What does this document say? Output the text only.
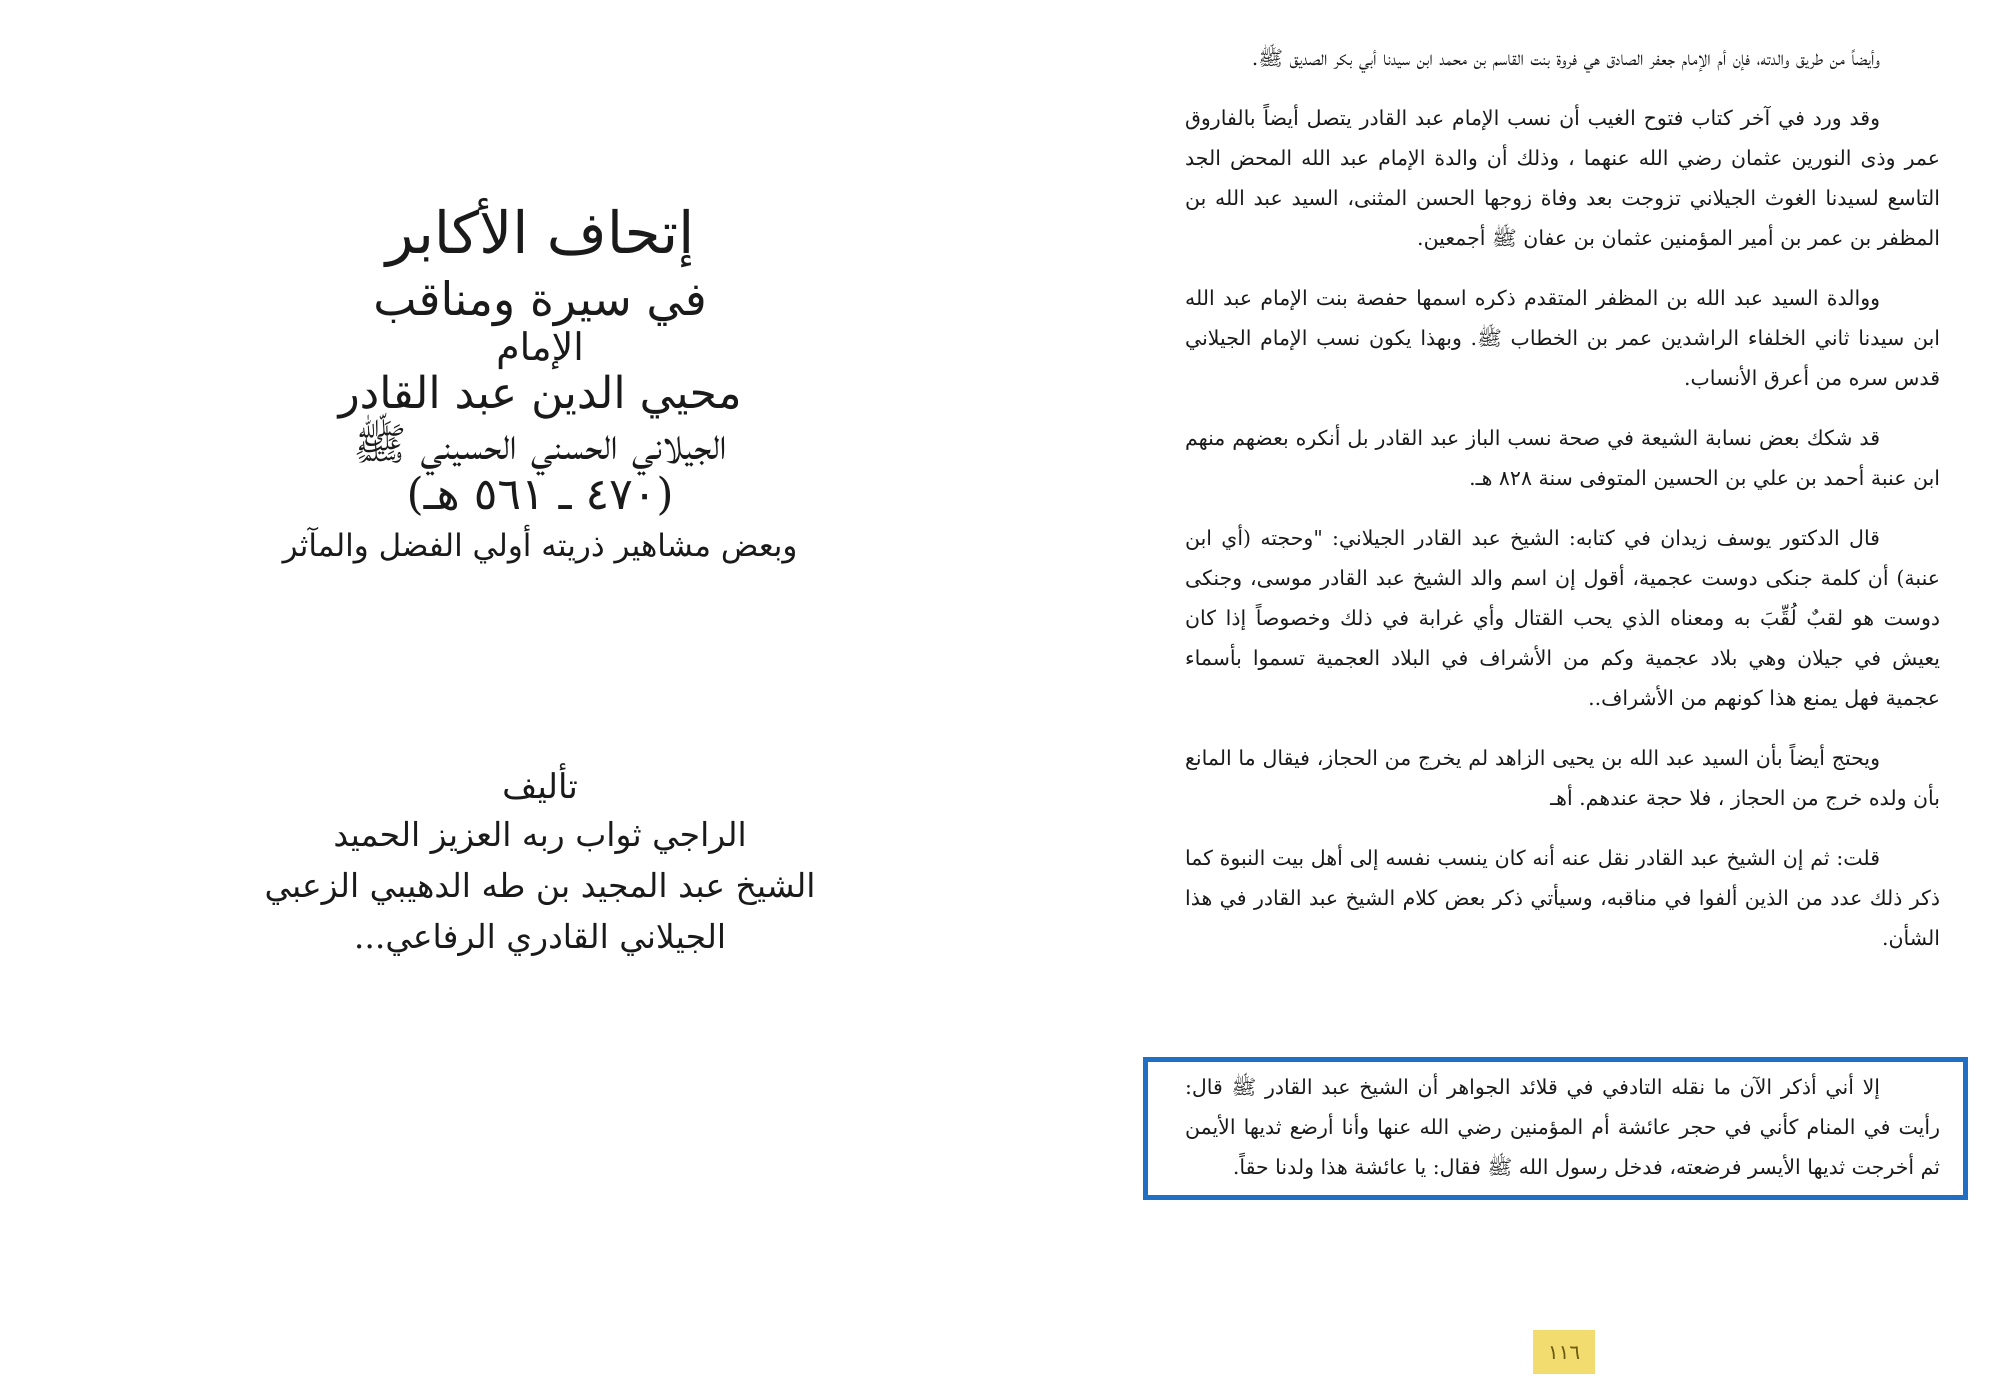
إتحاف الأكابر
في سيرة ومناقب
الإمام
محيي الدين عبد القادر
الجيلاني الحسني الحسيني ﷺ
(٤٧٠ ـ ٥٦١ هـ)
وبعض مشاهير ذريته أولي الفضل والمآثر
تأليف
الراجي ثواب ربه العزيز الحميد
الشيخ عبد المجيد بن طه الدهيبي الزعبي
الجيلاني القادري الرفاعي...

وأيضاً من طريق والدته، فإن أم الإمام جعفر الصادق هي فروة بنت القاسم بن محمد ابن سيدنا أبي بكر الصديق ﷺ.

وقد ورد في آخر كتاب فتوح الغيب أن نسب الإمام عبد القادر يتصل أيضاً بالفاروق عمر وذى النورين عثمان رضي الله عنهما ، وذلك أن والدة الإمام عبد الله المحض الجد التاسع لسيدنا الغوث الجيلاني تزوجت بعد وفاة زوجها الحسن المثنى، السيد عبد الله بن المظفر بن عمر بن أمير المؤمنين عثمان بن عفان ﷺ أجمعين.

ووالدة السيد عبد الله بن المظفر المتقدم ذكره اسمها حفصة بنت الإمام عبد الله ابن سيدنا ثاني الخلفاء الراشدين عمر بن الخطاب ﷺ. وبهذا يكون نسب الإمام الجيلاني قدس سره من أعرق الأنساب.

قد شكك بعض نسابة الشيعة في صحة نسب الباز عبد القادر بل أنكره بعضهم منهم ابن عنبة أحمد بن علي بن الحسين المتوفى سنة ٨٢٨ هـ.

قال الدكتور يوسف زيدان في كتابه: الشيخ عبد القادر الجيلاني: "وحجته (أي ابن عنبة) أن كلمة جنكى دوست عجمية، أقول إن اسم والد الشيخ عبد القادر موسى، وجنكى دوست هو لقبٌ لُقِّبَ به ومعناه الذي يحب القتال وأي غرابة في ذلك وخصوصاً إذا كان يعيش في جيلان وهي بلاد عجمية وكم من الأشراف في البلاد العجمية تسموا بأسماء عجمية فهل يمنع هذا كونهم من الأشراف..

ويحتج أيضاً بأن السيد عبد الله بن يحيى الزاهد لم يخرج من الحجاز، فيقال ما المانع بأن ولده خرج من الحجاز ، فلا حجة عندهم. أهـ

قلت: ثم إن الشيخ عبد القادر نقل عنه أنه كان ينسب نفسه إلى أهل بيت النبوة كما ذكر ذلك عدد من الذين ألفوا في مناقبه، وسيأتي ذكر بعض كلام الشيخ عبد القادر في هذا الشأن.

إلا أني أذكر الآن ما نقله التادفي في قلائد الجواهر أن الشيخ عبد القادر ﷺ قال: رأيت في المنام كأني في حجر عائشة أم المؤمنين رضي الله عنها وأنا أرضع ثديها الأيمن ثم أخرجت ثديها الأيسر فرضعته، فدخل رسول الله ﷺ فقال: يا عائشة هذا ولدنا حقاً.

١١٦
